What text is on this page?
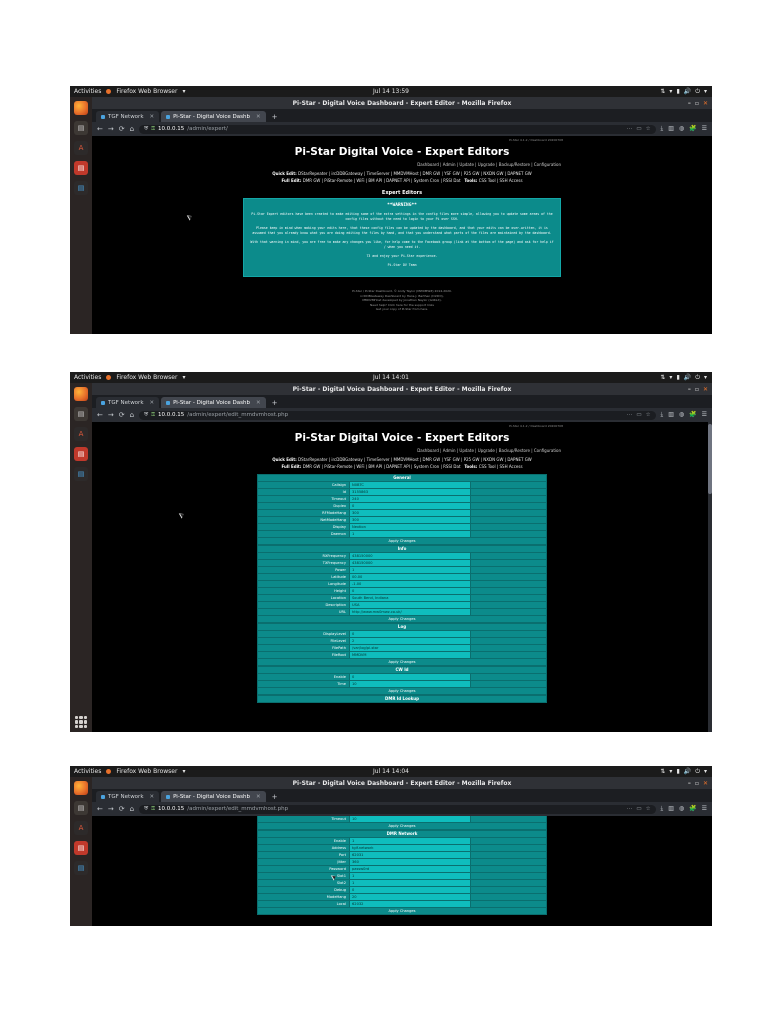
Activities	Firefox Web Browser ▾	Jul 14 13:59	⇅ ▾ ▮ 🔊 ⏻ ▾
▤
A
▤
▤
Pi-Star - Digital Voice Dashboard - Expert Editor - Mozilla Firefox	– ▫ ✕
TGF Network ✕	Pi-Star - Digital Voice Dashb ✕	+
← → ⟳ ⌂ ⛨ ⚿ 10.0.0.15 /admin/expert/	⋯ ▭ ☆ ⤓ ▥ ◍ 🧩 ☰
Pi-Star 4.1.2 / Dashboard 20200708
Pi-Star Digital Voice - Expert Editors
Dashboard | Admin | Update | Upgrade | Backup/Restore | Configuration
Quick Edit: DStarRepeater | ircDDBGateway | TimeServer | MMDVMHost | DMR GW | YSF GW | P25 GW | NXDN GW | DAPNET GW
Full Edit: DMR GW | PiStar-Remote | WiFi | BM API | DAPNET API | System Cron | RSSI Dat Tools: CSS Tool | SSH Access
Expert Editors
**WARNING**

Pi-Star Expert editors have been created to make editing some of the extra settings in the config files more simple, allowing you to update some areas of the config files without the need to login to your Pi over SSH.

Please keep in mind when making your edits here, that these config files can be updated by the dashboard, and that your edits can be over-written, it is assumed that you already know what you are doing editing the files by hand, and that you understand what parts of the files are maintained by the dashboard.

With that warning in mind, you are free to make any changes you like, for help come to the Facebook group (link at the bottom of the page) and ask for help if / when you need it.

73 and enjoy your Pi-Star experience.

Pi-Star DV Team

Pi-Star / Pi-Star Dashboard, © Andy Taylor (MW0MWZ) 2014-2020.
ircDDBGateway Dashboard by Hans-J. Barthen (DL5DI),
MMDVMHost developed by Jonathan Naylor (G4KLX).
Need help? Click here for the support links
Get your copy of Pi-Star from here.
Activities	Firefox Web Browser ▾	Jul 14 14:01	⇅ ▾ ▮ 🔊 ⏻ ▾
▤
A
▤
▤
Pi-Star - Digital Voice Dashboard - Expert Editor - Mozilla Firefox	– ▫ ✕
TGF Network ✕	Pi-Star - Digital Voice Dashb ✕	+
← → ⟳ ⌂ ⛨ ⚿ 10.0.0.15 /admin/expert/edit_mmdvmhost.php	⋯ ▭ ☆ ⤓ ▥ ◍ 🧩 ☰
Pi-Star 4.1.2 / Dashboard 20200708
Pi-Star Digital Voice - Expert Editors
Dashboard | Admin | Update | Upgrade | Backup/Restore | Configuration
Quick Edit: DStarRepeater | ircDDBGateway | TimeServer | MMDVMHost | DMR GW | YSF GW | P25 GW | NXDN GW | DAPNET GW
Full Edit: DMR GW | PiStar-Remote | WiFi | BM API | DAPNET API | System Cron | RSSI Dat Tools: CSS Tool | SSH Access
General
Callsign	N0BTC
Id	3155863
Timeout	240
Duplex	0
RFModeHang	300
NetModeHang	300
Display	Nextion
Daemon	1
Apply Changes
Info
RXFrequency	438150000
TXFrequency	438150000
Power	1
Latitude	00.00
Longitude	-1.00
Height	0
Location	South Bend, Indiana
Description	USA
URL	http://www.mw0mwz.co.uk/
Apply Changes
Log
DisplayLevel	0
FileLevel	2
FilePath	/var/log/pi-star
FileRoot	MMDVM
Apply Changes
CW Id
Enable	0
Time	10
Apply Changes
DMR Id Lookup
Activities	Firefox Web Browser ▾	Jul 14 14:04	⇅ ▾ ▮ 🔊 ⏻ ▾
▤
A
▤
▤
Pi-Star - Digital Voice Dashboard - Expert Editor - Mozilla Firefox	– ▫ ✕
TGF Network ✕	Pi-Star - Digital Voice Dashb ✕	+
← → ⟳ ⌂ ⛨ ⚿ 10.0.0.15 /admin/expert/edit_mmdvmhost.php	⋯ ▭ ☆ ⤓ ▥ ◍ 🧩 ☰
Timeout	10
Apply Changes
DMR Network
Enable	1
Address	tgif.network
Port	62031
Jitter	360
Password	passw0rd
Slot1	1
Slot2	1
Debug	0
ModeHang	20
Local	62032
Apply Changes
